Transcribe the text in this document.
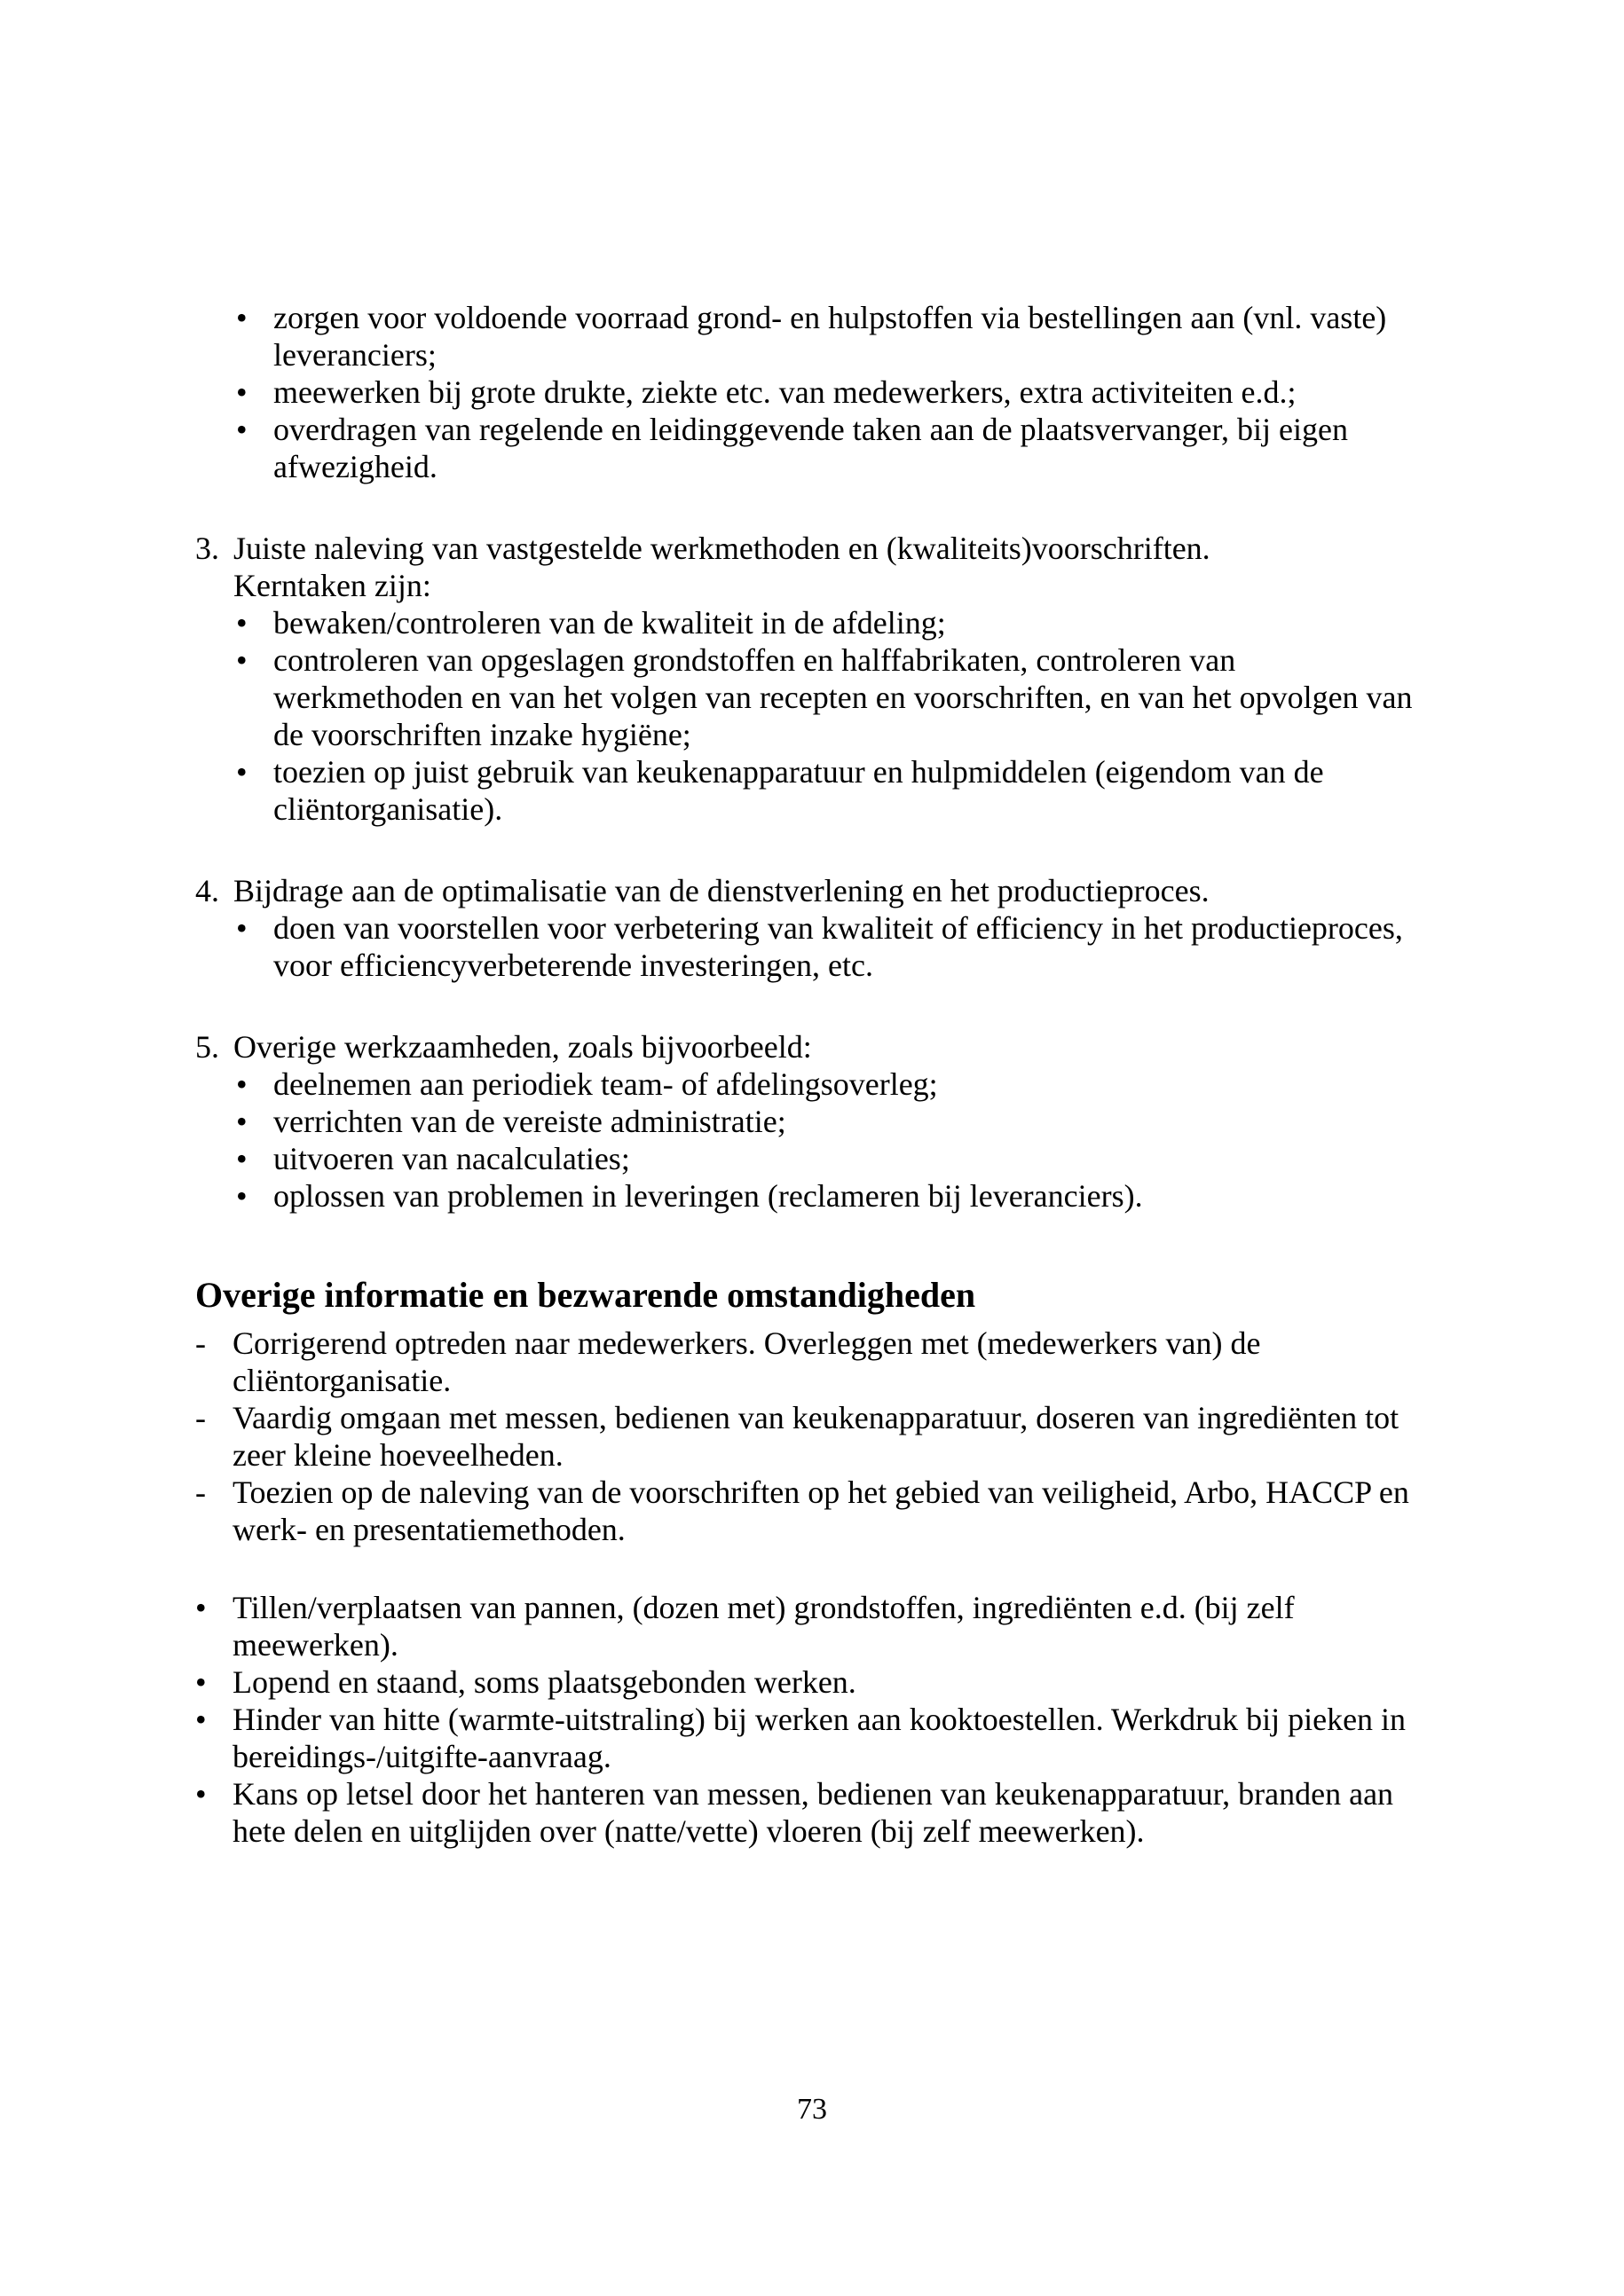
• zorgen voor voldoende voorraad grond- en hulpstoffen via bestellingen aan (vnl. vaste) leveranciers;
• meewerken bij grote drukte, ziekte etc. van medewerkers, extra activiteiten e.d.;
• overdragen van regelende en leidinggevende taken aan de plaatsvervanger, bij eigen afwezigheid.
3. Juiste naleving van vastgestelde werkmethoden en (kwaliteits)voorschriften.
Kerntaken zijn:
• bewaken/controleren van de kwaliteit in de afdeling;
• controleren van opgeslagen grondstoffen en halffabrikaten, controleren van werkmethoden en van het volgen van recepten en voorschriften, en van het opvolgen van de voorschriften inzake hygiëne;
• toezien op juist gebruik van keukenapparatuur en hulpmiddelen (eigendom van de cliëntorganisatie).
4. Bijdrage aan de optimalisatie van de dienstverlening en het productieproces.
• doen van voorstellen voor verbetering van kwaliteit of efficiency in het productieproces, voor efficiencyverbeterende investeringen, etc.
5. Overige werkzaamheden, zoals bijvoorbeeld:
• deelnemen aan periodiek team- of afdelingsoverleg;
• verrichten van de vereiste administratie;
• uitvoeren van nacalculaties;
• oplossen van problemen in leveringen (reclameren bij leveranciers).
Overige informatie en bezwarende omstandigheden
- Corrigerend optreden naar medewerkers. Overleggen met (medewerkers van) de cliëntorganisatie.
- Vaardig omgaan met messen, bedienen van keukenapparatuur, doseren van ingrediënten tot zeer kleine hoeveelheden.
- Toezien op de naleving van de voorschriften op het gebied van veiligheid, Arbo, HACCP en werk- en presentatiemethoden.
• Tillen/verplaatsen van pannen, (dozen met) grondstoffen, ingrediënten e.d. (bij zelf meewerken).
• Lopend en staand, soms plaatsgebonden werken.
• Hinder van hitte (warmte-uitstraling) bij werken aan kooktoestellen. Werkdruk bij pieken in bereidings-/uitgifte-aanvraag.
• Kans op letsel door het hanteren van messen, bedienen van keukenapparatuur, branden aan hete delen en uitglijden over (natte/vette) vloeren (bij zelf meewerken).
73
